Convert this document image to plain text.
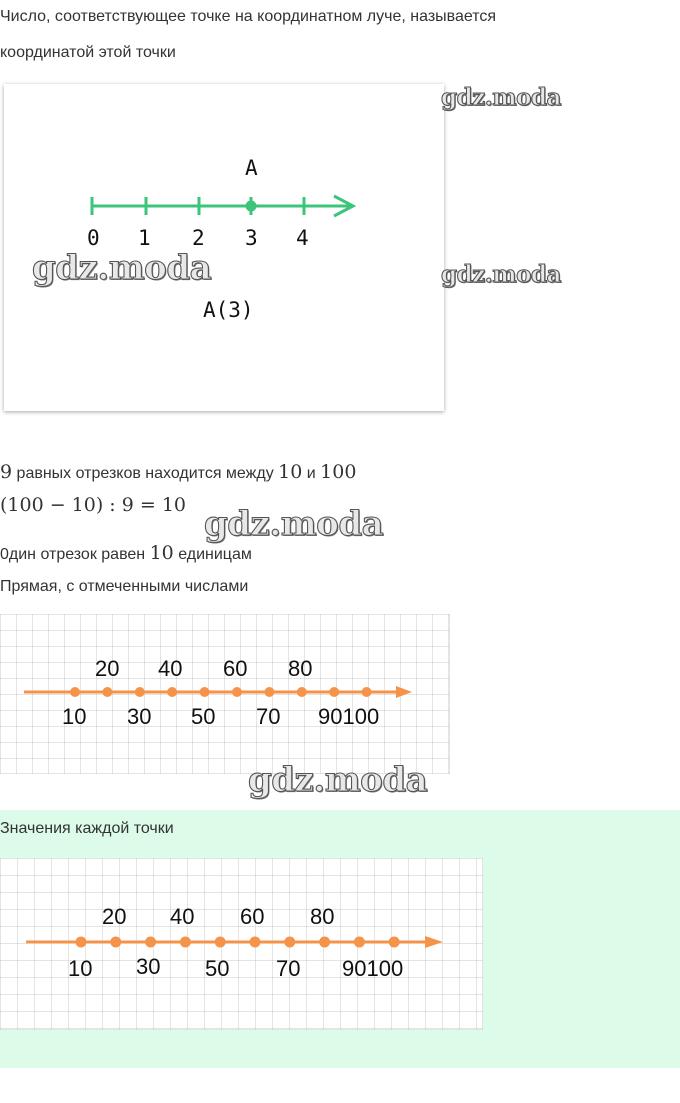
Число, соответствующее точке на координатном луче, называется
координатой этой точки
A
0 1 2 3 4
gdz.moda
A(3)
gdz.moda
gdz.moda
9 равных отрезков находится между 10 и 100
(100 − 10) : 9 = 10 gdz.moda
0дин отрезок равен 10 единицам
Прямая, с отмеченными числами
20 40 60 80
10 30 50 70 90100
gdz.moda
Значения каждой точки
20 40 60 80
10 30 50 70 90100
